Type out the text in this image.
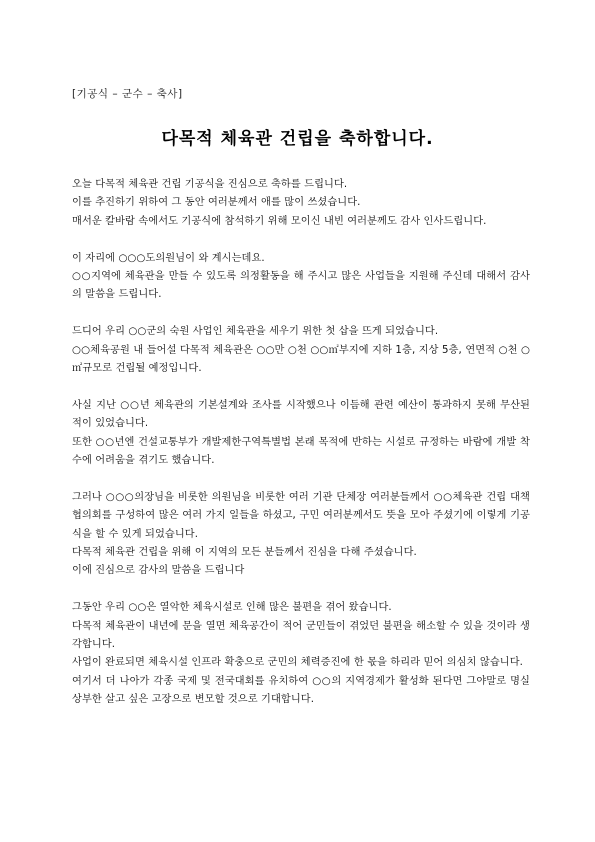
[기공식 – 군수 – 축사]
다목적 체육관 건립을 축하합니다.

오늘 다목적 체육관 건립 기공식을 진심으로 축하를 드립니다.

이를 추진하기 위하여 그 동안 여러분께서 애를 많이 쓰셨습니다.

매서운 칼바람 속에서도 기공식에 참석하기 위해 모이신 내빈 여러분께도 감사 인사드립니다.

이 자리에 ○○○도의원님이 와 계시는데요.

○○지역에 체육관을 만들 수 있도록 의정활동을 해 주시고 많은 사업들을 지원해 주신데 대해서 감사의 말씀을 드립니다.

드디어 우리 ○○군의 숙원 사업인 체육관을 세우기 위한 첫 삽을 뜨게 되었습니다.

○○체육공원 내 들어설 다목적 체육관은 ○○만 ○천 ○○㎡부지에 지하 1층, 지상 5층, 연면적 ○천 ○㎡규모로 건립될 예정입니다.

사실 지난 ○○년 체육관의 기본설계와 조사를 시작했으나 이듬해 관련 예산이 통과하지 못해 무산된 적이 있었습니다.

또한 ○○년엔 건설교통부가 개발제한구역특별법 본래 목적에 반하는 시설로 규정하는 바람에 개발 착수에 어려움을 겪기도 했습니다.

그러나 ○○○의장님을 비롯한 의원님을 비롯한 여러 기관 단체장 여러분들께서 ○○체육관 건립 대책협의회를 구성하여 많은 여러 가지 일들을 하셨고, 구민 여러분께서도 뜻을 모아 주셨기에 이렇게 기공식을 할 수 있게 되었습니다.

다목적 체육관 건립을 위해 이 지역의 모든 분들께서 진심을 다해 주셨습니다.

이에 진심으로 감사의 말씀을 드립니다

그동안 우리 ○○은 열악한 체육시설로 인해 많은 불편을 겪어 왔습니다.

다목적 체육관이 내년에 문을 열면 체육공간이 적어 군민들이 겪었던 불편을 해소할 수 있을 것이라 생각합니다.

사업이 완료되면 체육시설 인프라 확충으로 군민의 체력증진에 한 몫을 하리라 믿어 의심치 않습니다.

여기서 더 나아가 각종 국제 및 전국대회를 유치하여 ○○의 지역경제가 활성화 된다면 그야말로 명실상부한 살고 싶은 고장으로 변모할 것으로 기대합니다.
